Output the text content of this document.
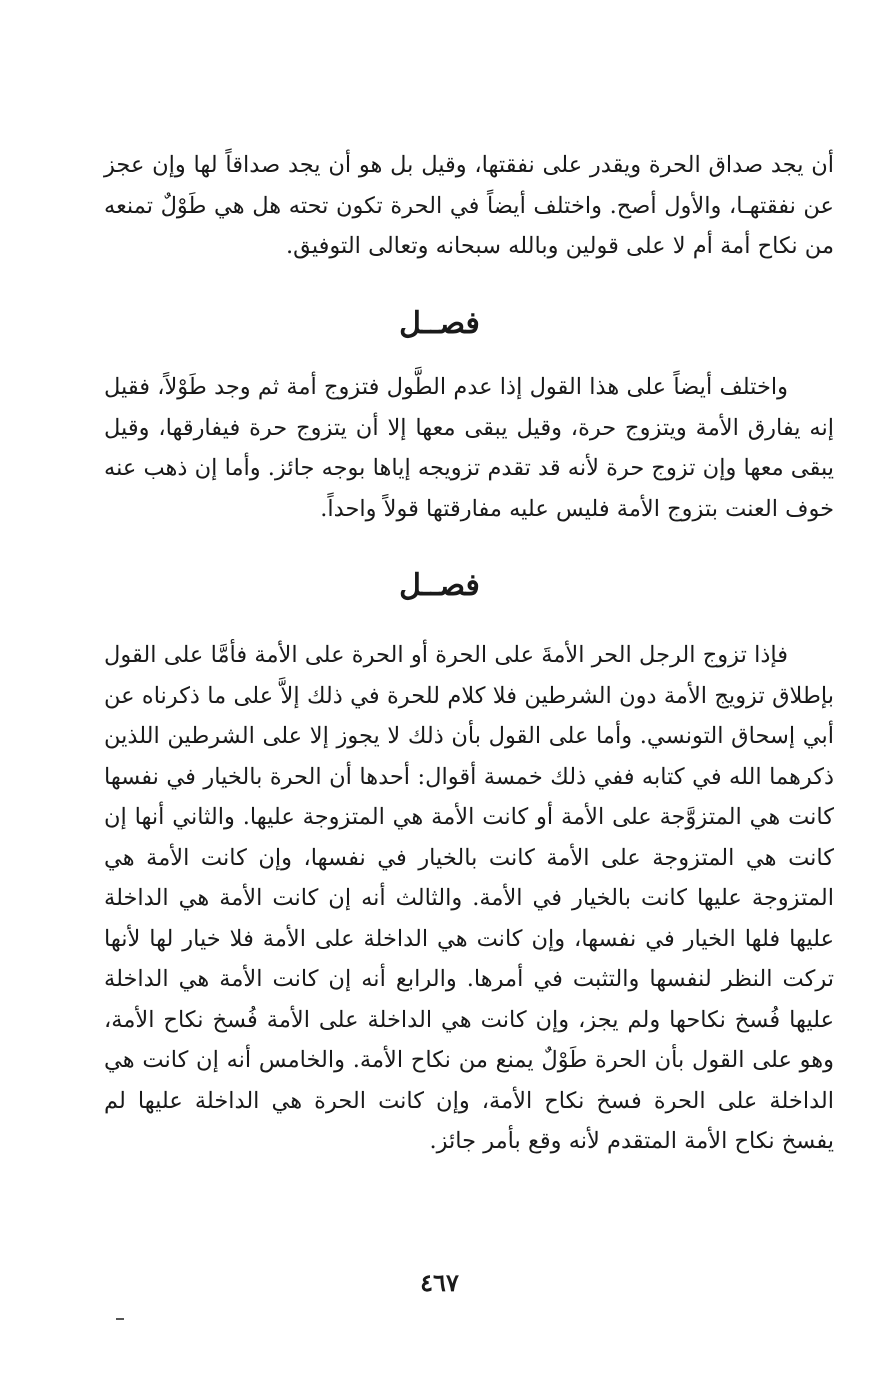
أن يجد صداق الحرة ويقدر على نفقتها، وقيل بل هو أن يجد صداقاً لها وإن عجز عن نفقتهـا، والأول أصح. واختلف أيضاً في الحرة تكون تحته هل هي طَوْلٌ تمنعه من نكاح أمة أم لا على قولين وبالله سبحانه وتعالى التوفيق.

فصــل

واختلف أيضاً على هذا القول إذا عدم الطَّول فتزوج أمة ثم وجد طَوْلاً، فقيل إنه يفارق الأمة ويتزوج حرة، وقيل يبقى معها إلا أن يتزوج حرة فيفارقها، وقيل يبقى معها وإن تزوج حرة لأنه قد تقدم تزويجه إياها بوجه جائز. وأما إن ذهب عنه خوف العنت بتزوج الأمة فليس عليه مفارقتها قولاً واحداً.

فصــل

فإذا تزوج الرجل الحر الأمةَ على الحرة أو الحرة على الأمة فأمَّا على القول بإطلاق تزويج الأمة دون الشرطين فلا كلام للحرة في ذلك إلاَّ على ما ذكرناه عن أبي إسحاق التونسي. وأما على القول بأن ذلك لا يجوز إلا على الشرطين اللذين ذكرهما الله في كتابه ففي ذلك خمسة أقوال: أحدها أن الحرة بالخيار في نفسها كانت هي المتزوَّجة على الأمة أو كانت الأمة هي المتزوجة عليها. والثاني أنها إن كانت هي المتزوجة على الأمة كانت بالخيار في نفسها، وإن كانت الأمة هي المتزوجة عليها كانت بالخيار في الأمة. والثالث أنه إن كانت الأمة هي الداخلة عليها فلها الخيار في نفسها، وإن كانت هي الداخلة على الأمة فلا خيار لها لأنها تركت النظر لنفسها والتثبت في أمرها. والرابع أنه إن كانت الأمة هي الداخلة عليها فُسخ نكاحها ولم يجز، وإن كانت هي الداخلة على الأمة فُسخ نكاح الأمة، وهو على القول بأن الحرة طَوْلٌ يمنع من نكاح الأمة. والخامس أنه إن كانت هي الداخلة على الحرة فسخ نكاح الأمة، وإن كانت الحرة هي الداخلة عليها لم يفسخ نكاح الأمة المتقدم لأنه وقع بأمر جائز.

٤٦٧
